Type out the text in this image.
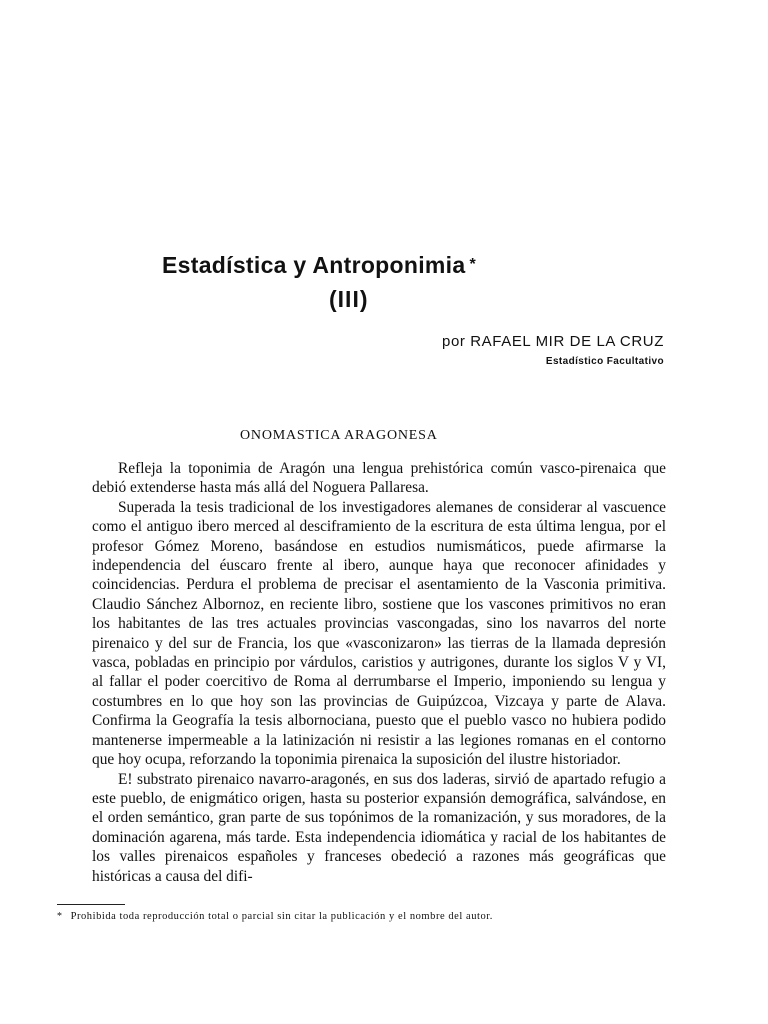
Estadística y Antroponimia *
(III)
por RAFAEL MIR DE LA CRUZ
Estadístico Facultativo
ONOMASTICA ARAGONESA

Refleja la toponimia de Aragón una lengua prehistórica común vasco-pirenaica que debió extenderse hasta más allá del Noguera Pallaresa.

Superada la tesis tradicional de los investigadores alemanes de considerar al vascuence como el antiguo ibero merced al desciframiento de la escritura de esta última lengua, por el profesor Gómez Moreno, basándose en estudios numismáticos, puede afirmarse la independencia del éuscaro frente al ibero, aunque haya que reconocer afinidades y coincidencias. Perdura el problema de precisar el asentamiento de la Vasconia primitiva. Claudio Sánchez Albornoz, en reciente libro, sostiene que los vascones primitivos no eran los habitantes de las tres actuales provincias vascongadas, sino los navarros del norte pirenaico y del sur de Francia, los que «vasconizaron» las tierras de la llamada depresión vasca, pobladas en principio por várdulos, caristios y autrigones, durante los siglos V y VI, al fallar el poder coercitivo de Roma al derrumbarse el Imperio, imponiendo su lengua y costumbres en lo que hoy son las provincias de Guipúzcoa, Vizcaya y parte de Alava. Confirma la Geografía la tesis albornociana, puesto que el pueblo vasco no hubiera podido mantenerse impermeable a la latinización ni resistir a las legiones romanas en el contorno que hoy ocupa, reforzando la toponimia pirenaica la suposición del ilustre historiador.

E! substrato pirenaico navarro-aragonés, en sus dos laderas, sirvió de apartado refugio a este pueblo, de enigmático origen, hasta su posterior expansión demográfica, salvándose, en el orden semántico, gran parte de sus topónimos de la romanización, y sus moradores, de la dominación agarena, más tarde. Esta independencia idiomática y racial de los habitantes de los valles pirenaicos españoles y franceses obedeció a razones más geográficas que históricas a causa del difi-

* Prohibida toda reproducción total o parcial sin citar la publicación y el nombre del autor.
